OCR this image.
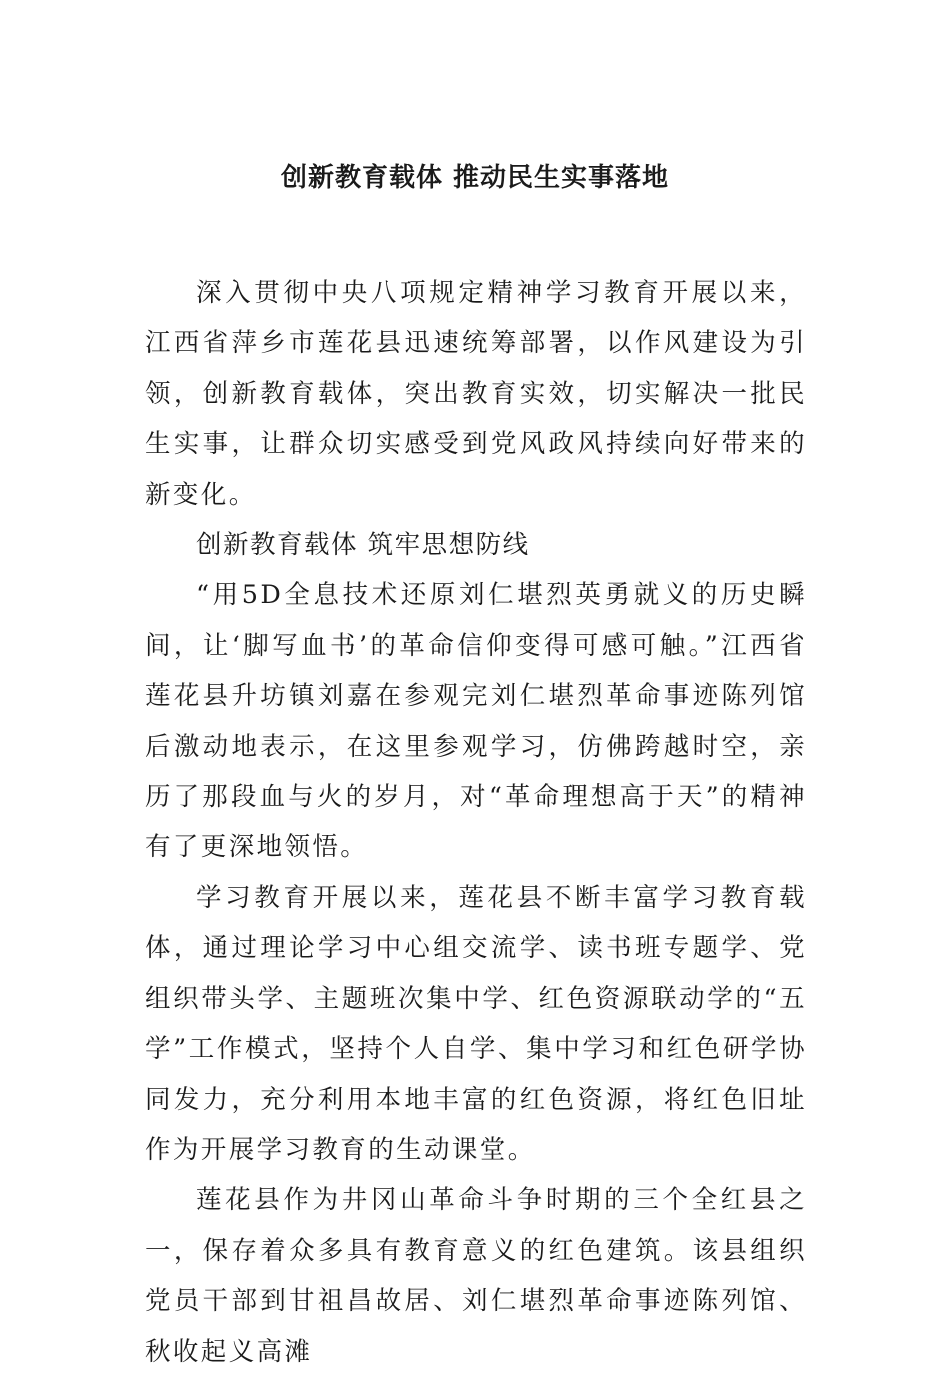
创新教育载体 推动民生实事落地

深入贯彻中央八项规定精神学习教育开展以来，江西省萍乡市莲花县迅速统筹部署，以作风建设为引领，创新教育载体，突出教育实效，切实解决一批民生实事，让群众切实感受到党风政风持续向好带来的新变化。

创新教育载体 筑牢思想防线

“用5D全息技术还原刘仁堪烈英勇就义的历史瞬间，让‘脚写血书’的革命信仰变得可感可触。”江西省莲花县升坊镇刘嘉在参观完刘仁堪烈革命事迹陈列馆后激动地表示，在这里参观学习，仿佛跨越时空，亲历了那段血与火的岁月，对“革命理想高于天”的精神有了更深地领悟。

学习教育开展以来，莲花县不断丰富学习教育载体，通过理论学习中心组交流学、读书班专题学、党组织带头学、主题班次集中学、红色资源联动学的“五学”工作模式，坚持个人自学、集中学习和红色研学协同发力，充分利用本地丰富的红色资源，将红色旧址作为开展学习教育的生动课堂。

莲花县作为井冈山革命斗争时期的三个全红县之一，保存着众多具有教育意义的红色建筑。该县组织党员干部到甘祖昌故居、刘仁堪烈革命事迹陈列馆、秋收起义高滩
